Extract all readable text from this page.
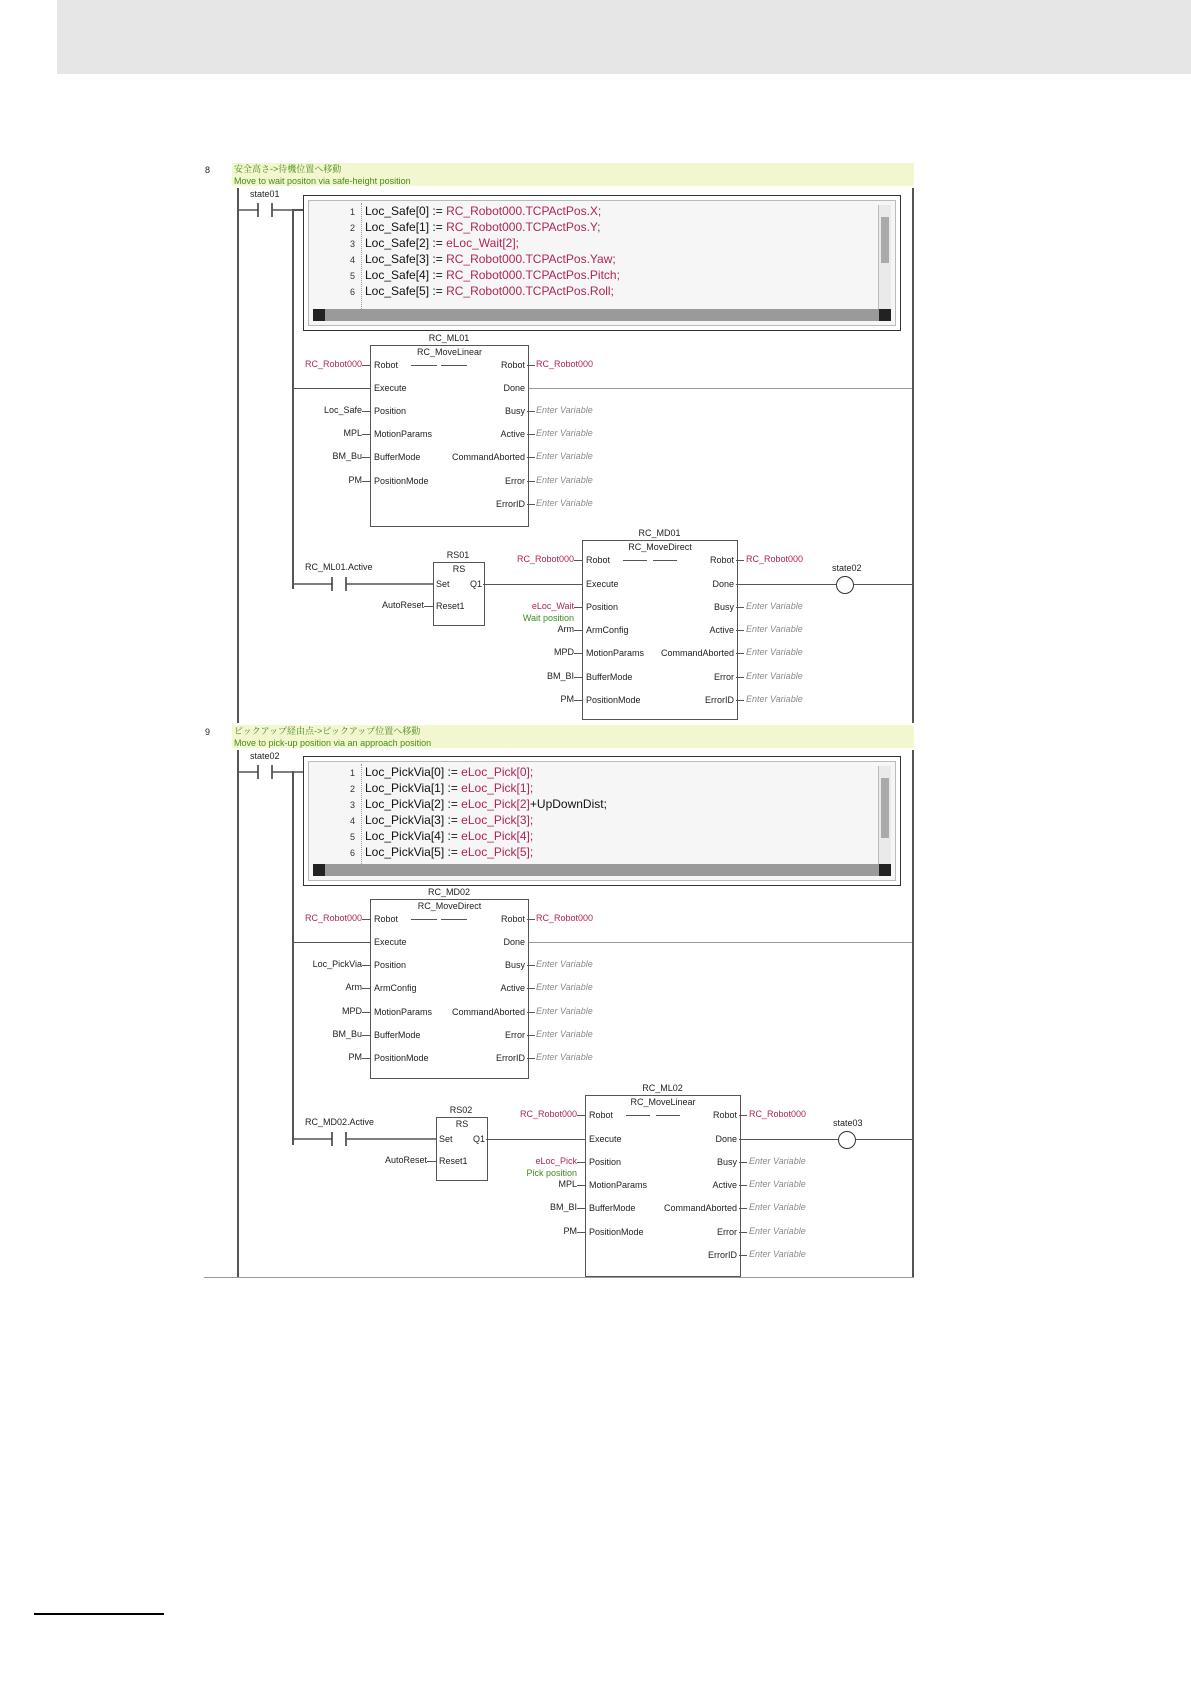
8	安全高さ->待機位置へ移動
Move to wait positon via safe-height position
state01
1 Loc_Safe[0] := RC_Robot000.TCPActPos.X;
2 Loc_Safe[1] := RC_Robot000.TCPActPos.Y;
3 Loc_Safe[2] := eLoc_Wait[2];
4 Loc_Safe[3] := RC_Robot000.TCPActPos.Yaw;
5 Loc_Safe[4] := RC_Robot000.TCPActPos.Pitch;
6 Loc_Safe[5] := RC_Robot000.TCPActPos.Roll;
RC_ML01
RC_MoveLinear
Robot
Execute
Position
MotionParams
BufferMode
PositionMode
Robot
Done
Busy
Active
CommandAborted
Error
ErrorID
RC_Robot000
Loc_Safe
MPL
BM_Bu
PM
RC_Robot000
Enter Variable
Enter Variable
Enter Variable
Enter Variable
Enter Variable
RC_ML01.Active
RS01
RS
Set Q1
Reset1
AutoReset
RC_MD01
RC_MoveDirect
Robot
Execute
Position
ArmConfig
MotionParams
BufferMode
PositionMode
Robot
Done
Busy
Active
CommandAborted
Error
ErrorID
RC_Robot000
eLoc_Wait
Wait position
Arm
MPD
BM_BI
PM
RC_Robot000
Enter Variable
Enter Variable
Enter Variable
Enter Variable
Enter Variable
state02
9	ピックアップ経由点->ピックアップ位置へ移動
Move to pick-up position via an approach position
state02
1 Loc_PickVia[0] := eLoc_Pick[0];
2 Loc_PickVia[1] := eLoc_Pick[1];
3 Loc_PickVia[2] := eLoc_Pick[2]+UpDownDist;
4 Loc_PickVia[3] := eLoc_Pick[3];
5 Loc_PickVia[4] := eLoc_Pick[4];
6 Loc_PickVia[5] := eLoc_Pick[5];
RC_MD02
RC_MoveDirect
Robot
Execute
Position
ArmConfig
MotionParams
BufferMode
PositionMode
Robot
Done
Busy
Active
CommandAborted
Error
ErrorID
RC_Robot000
Loc_PickVia
Arm
MPD
BM_Bu
PM
RC_Robot000
Enter Variable
Enter Variable
Enter Variable
Enter Variable
Enter Variable
RC_MD02.Active
RS02
RS
Set Q1
Reset1
AutoReset
RC_ML02
RC_MoveLinear
Robot
Execute
Position
MotionParams
BufferMode
PositionMode
Robot
Done
Busy
Active
CommandAborted
Error
ErrorID
RC_Robot000
eLoc_Pick
Pick position
MPL
BM_BI
PM
RC_Robot000
Enter Variable
Enter Variable
Enter Variable
Enter Variable
Enter Variable
state03
